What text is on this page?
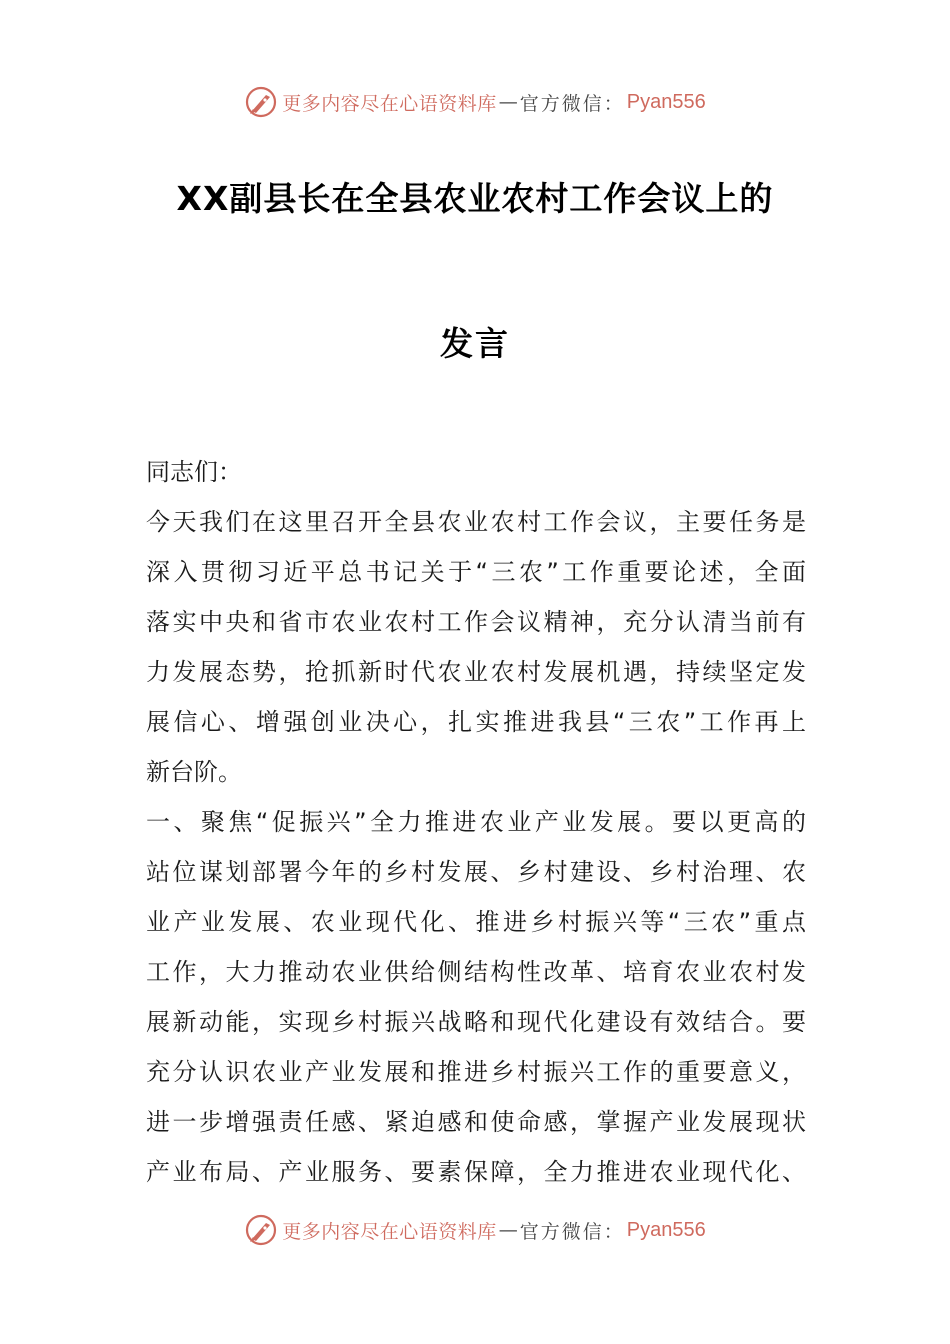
更多内容尽在心语资料库 — 官方微信： Pyan556
XX副县长在全县农业农村工作会议上的
发言
同志们：
今天我们在这里召开全县农业农村工作会议，主要任务是
深入贯彻习近平总书记关于“三农”工作重要论述，全面
落实中央和省市农业农村工作会议精神，充分认清当前有
力发展态势，抢抓新时代农业农村发展机遇，持续坚定发
展信心、增强创业决心，扎实推进我县“三农”工作再上
新台阶。
一、聚焦“促振兴”全力推进农业产业发展。要以更高的
站位谋划部署今年的乡村发展、乡村建设、乡村治理、农
业产业发展、农业现代化、推进乡村振兴等“三农”重点
工作，大力推动农业供给侧结构性改革、培育农业农村发
展新动能，实现乡村振兴战略和现代化建设有效结合。要
充分认识农业产业发展和推进乡村振兴工作的重要意义，
进一步增强责任感、紧迫感和使命感，掌握产业发展现状
产业布局、产业服务、要素保障，全力推进农业现代化、
更多内容尽在心语资料库 — 官方微信： Pyan556
